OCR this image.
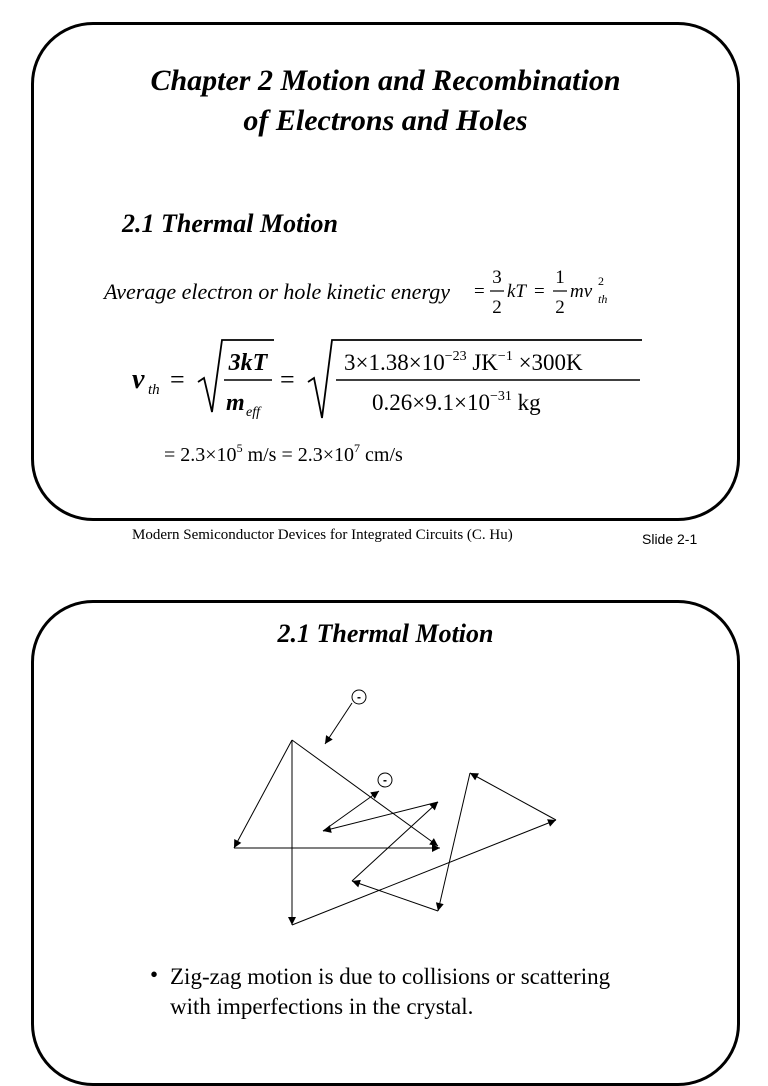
Chapter 2 Motion and Recombination
of Electrons and Holes
2.1 Thermal Motion
Average electron or hole kinetic energy =
3
2
kT =
1
2
mv 2
th
v th =
3kT
m eff
=
$3\times 1.38\times 10^{-23}$ $JK^{-1} \times 300K$
$0.26\times 9.1\times 10^{-31}$ kg
= $2.3\times 10^5$ $m/s = 2.3\times 10^7$ cm/s
Modern Semiconductor Devices for Integrated Circuits (C. Hu)	Slide 2-1
2.1 Thermal Motion
-
-
• Zig-zag motion is due to collisions or scattering
with imperfections in the crystal.
